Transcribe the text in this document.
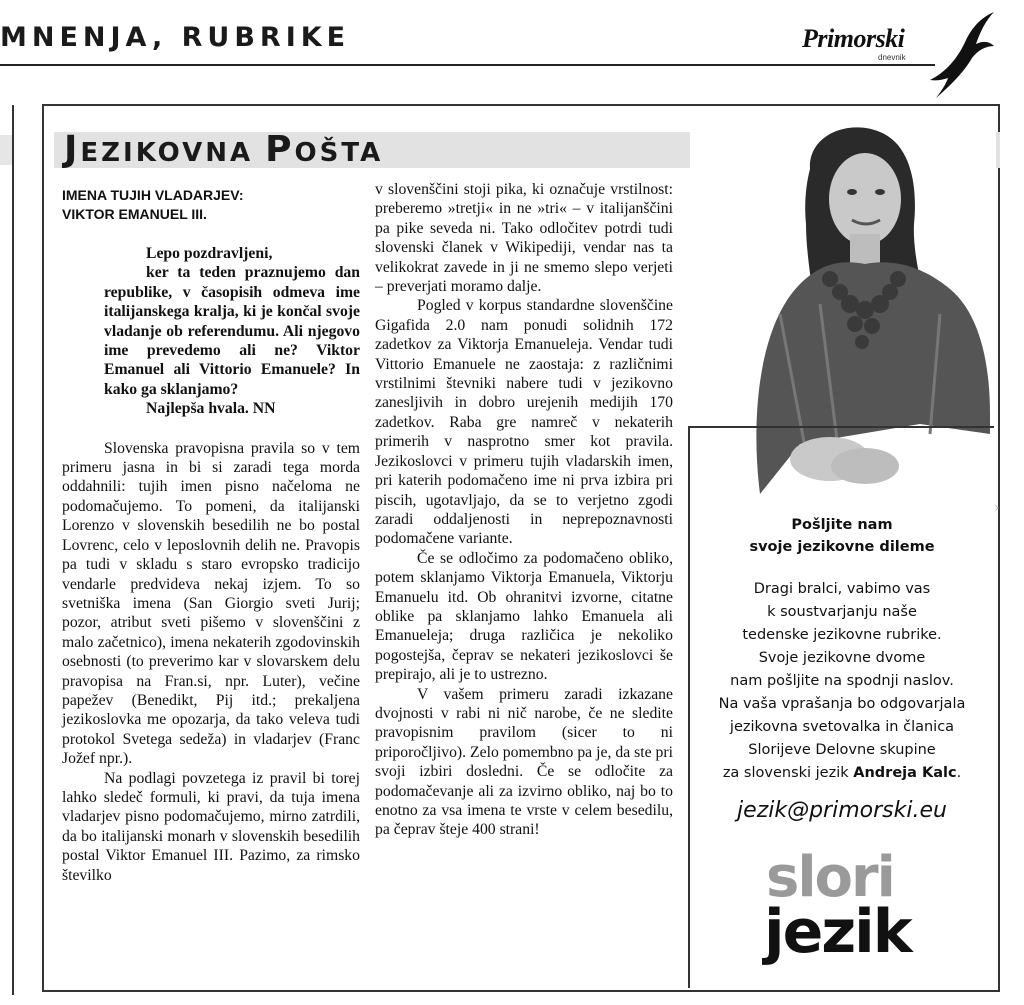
MNENJA, RUBRIKE	Primorski
dnevnik
JEZIKOVNA POŠTA
IMENA TUJIH VLADARJEV:
VIKTOR EMANUEL III.

Lepo pozdravljeni,

ker ta teden praznujemo dan republike, v časopisih odmeva ime italijanskega kralja, ki je končal svoje vladanje ob referendumu. Ali njegovo ime prevedemo ali ne? Viktor Emanuel ali Vittorio Emanuele? In kako ga sklanjamo?

Najlepša hvala. NN

Slovenska pravopisna pravila so v tem primeru jasna in bi si zaradi tega morda oddahnili: tujih imen pisno načeloma ne podomačujemo. To pomeni, da italijanski Lorenzo v slovenskih besedilih ne bo postal Lovrenc, celo v leposlovnih delih ne. Pravopis pa tudi v skladu s staro evropsko tradicijo vendarle predvideva nekaj izjem. To so svetniška imena (San Giorgio sveti Jurij; pozor, atribut sveti pišemo v slovenščini z malo začetnico), imena nekaterih zgodovinskih osebnosti (to preverimo kar v slovarskem delu pravopisa na Fran.si, npr. Luter), večine papežev (Benedikt, Pij itd.; prekaljena jezikoslovka me opozarja, da tako veleva tudi protokol Svetega sedeža) in vladarjev (Franc Jožef npr.).

Na podlagi povzetega iz pravil bi torej lahko sledeč formuli, ki pravi, da tuja imena vladarjev pisno podomačujemo, mirno zatrdili, da bo italijanski monarh v slovenskih besedilih postal Viktor Emanuel III. Pazimo, za rimsko številko

v slovenščini stoji pika, ki označuje vrstilnost: preberemo »tretji« in ne »tri« – v italijanščini pa pike seveda ni. Tako odločitev potrdi tudi slovenski članek v Wikipediji, vendar nas ta velikokrat zavede in ji ne smemo slepo verjeti – preverjati moramo dalje.

Pogled v korpus standardne slovenščine Gigafida 2.0 nam ponudi solidnih 172 zadetkov za Viktorja Emanueleja. Vendar tudi Vittorio Emanuele ne zaostaja: z različnimi vrstilnimi števniki nabere tudi v jezikovno zanesljivih in dobro urejenih medijih 170 zadetkov. Raba gre namreč v nekaterih primerih v nasprotno smer kot pravila. Jezikoslovci v primeru tujih vladarskih imen, pri katerih podomačeno ime ni prva izbira pri piscih, ugotavljajo, da se to verjetno zgodi zaradi oddaljenosti in neprepoznavnosti podomačene variante.

Če se odločimo za podomačeno obliko, potem sklanjamo Viktorja Emanuela, Viktorju Emanuelu itd. Ob ohranitvi izvorne, citatne oblike pa sklanjamo lahko Emanuela ali Emanueleja; druga različica je nekoliko pogostejša, čeprav se nekateri jezikoslovci še prepirajo, ali je to ustrezno.

V vašem primeru zaradi izkazane dvojnosti v rabi ni nič narobe, če ne sledite pravopisnim pravilom (sicer to ni priporočljivo). Zelo pomembno pa je, da ste pri svoji izbiri dosledni. Če se odločite za podomačevanje ali za izvirno obliko, naj bo to enotno za vsa imena te vrste v celem besedilu, pa čeprav šteje 400 strani!

Pošljite nam
svoje jezikovne dileme
Dragi bralci, vabimo vas
k soustvarjanju naše
tedenske jezikovne rubrike.
Svoje jezikovne dvome
nam pošljite na spodnji naslov.
Na vaša vprašanja bo odgovarjala
jezikovna svetovalka in članica
Slorijeve Delovne skupine
za slovenski jezik Andreja Kalc.
jezik@primorski.eu
slori
jezik
›
